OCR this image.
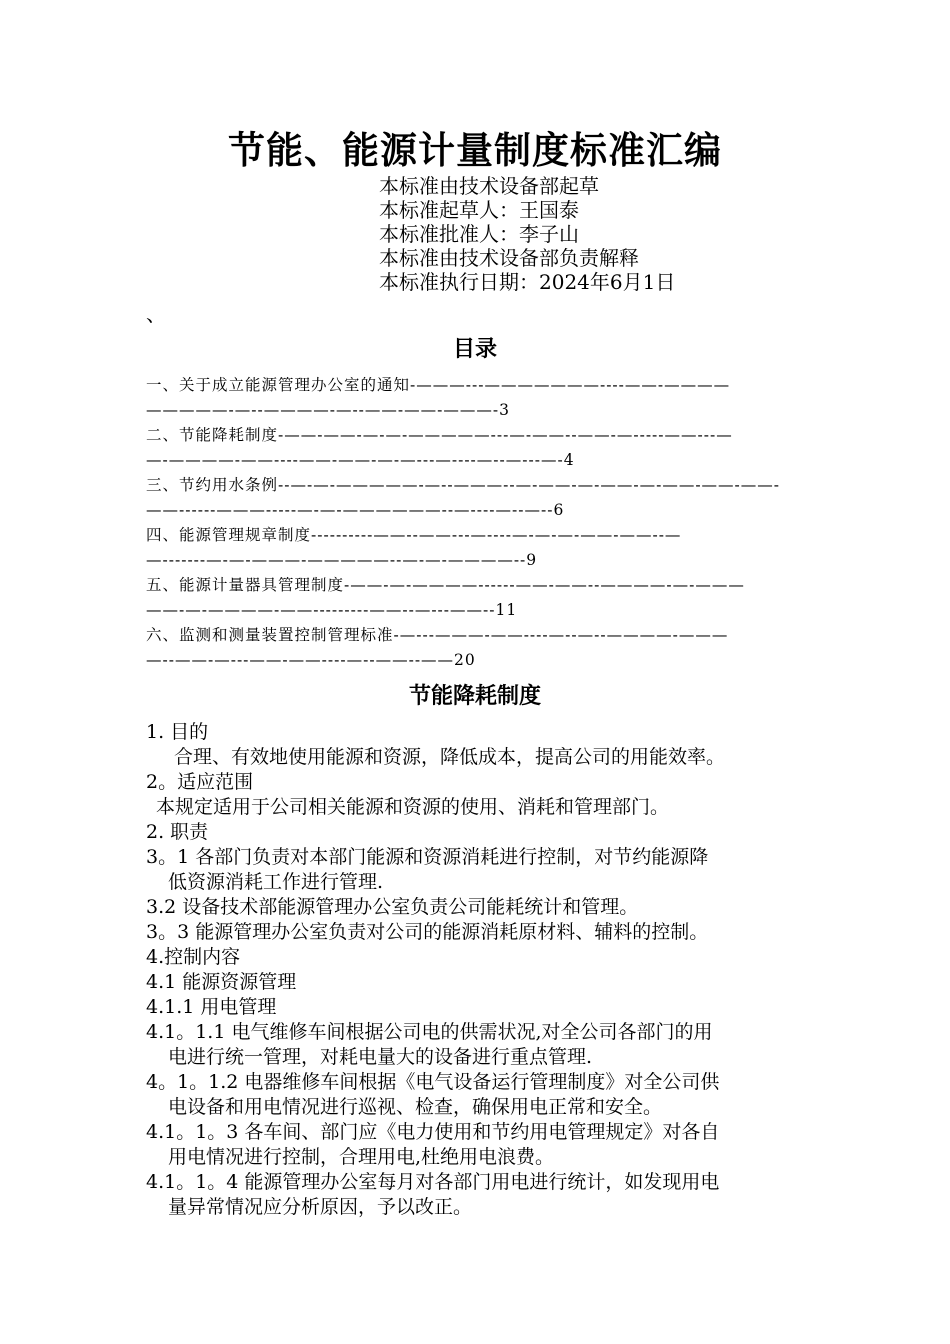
节能、能源计量制度标准汇编
本标准由技术设备部起草
本标准起草人：王国泰
本标准批准人：李子山
本标准由技术设备部负责解释
本标准执行日期：2024年6月1日
、
目录
一、关于成立能源管理办公室的通知-———---———————----——-————
—————-—--————-—--——-——-———-3
二、节能降耗制度-——-——-—-—-—————---—-——--——-—-----——---—
—-————-——----——-——-—-—---—----—--—---—-4
三、节约用水条例--—-—-—————-—--———--—-——-—-——-—-——-——-——-
——------———-----—-—-——————--—----—--—--6
四、能源管理规章制度----------——--——---—----—-—-—-——-——--—
—-------—-—-———-—————--—-—-————--9
五、能源计量器具管理制度-——-—-————------——-——--————-—-———
——-—-————-——---------——--—---——--11
六、监测和测量装置控制管理标准-—---———-——----—--—--————-———
—--——-—---——-——----—--——--——20
节能降耗制度
1. 目的
合理、有效地使用能源和资源，降低成本，提高公司的用能效率。
2。适应范围
本规定适用于公司相关能源和资源的使用、消耗和管理部门。
2. 职责
3。1 各部门负责对本部门能源和资源消耗进行控制，对节约能源降
低资源消耗工作进行管理.
3.2 设备技术部能源管理办公室负责公司能耗统计和管理。
3。3 能源管理办公室负责对公司的能源消耗原材料、辅料的控制。
4.控制内容
4.1 能源资源管理
4.1.1 用电管理
4.1。1.1 电气维修车间根据公司电的供需状况,对全公司各部门的用
电进行统一管理，对耗电量大的设备进行重点管理.
4。1。1.2 电器维修车间根据《电气设备运行管理制度》对全公司供
电设备和用电情况进行巡视、检查，确保用电正常和安全。
4.1。1。3 各车间、部门应《电力使用和节约用电管理规定》对各自
用电情况进行控制，合理用电,杜绝用电浪费。
4.1。1。4 能源管理办公室每月对各部门用电进行统计，如发现用电
量异常情况应分析原因，予以改正。
